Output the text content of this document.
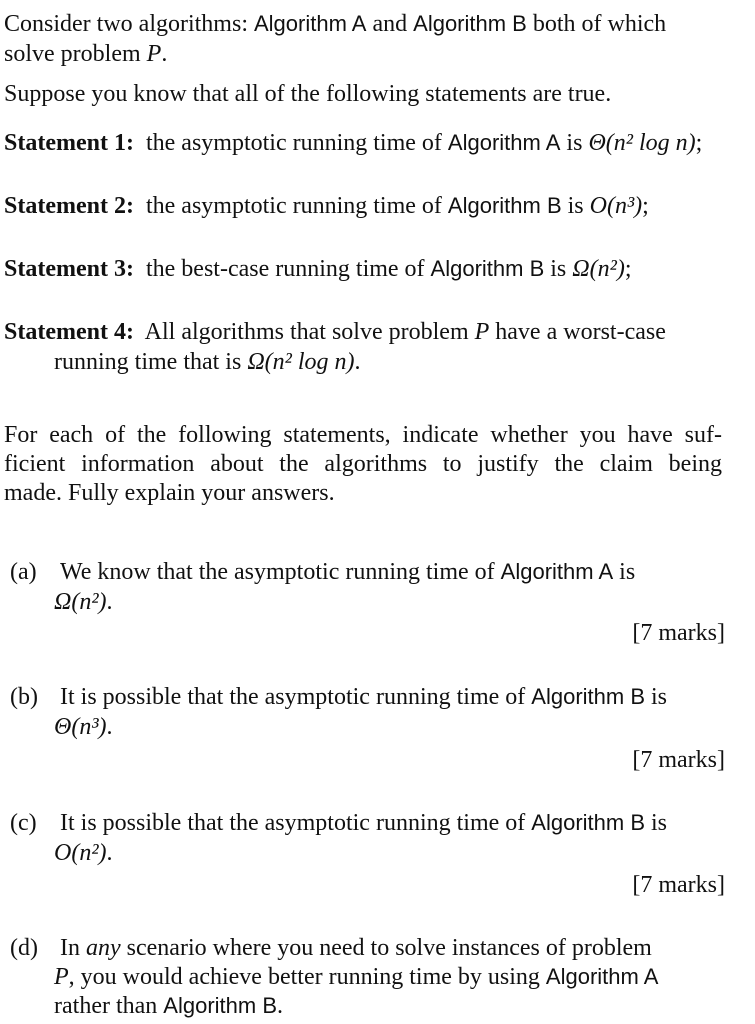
Consider two algorithms: Algorithm A and Algorithm B both of which
solve problem P.
Suppose you know that all of the following statements are true.
Statement 1: the asymptotic running time of Algorithm A is Θ(n² log n);
Statement 2: the asymptotic running time of Algorithm B is O(n³);
Statement 3: the best-case running time of Algorithm B is Ω(n²);
Statement 4: All algorithms that solve problem P have a worst-case
running time that is Ω(n² log n).
For each of the following statements, indicate whether you have suf-
ficient information about the algorithms to justify the claim being
made. Fully explain your answers.
(a) We know that the asymptotic running time of Algorithm A is
Ω(n²).
[7 marks]
(b) It is possible that the asymptotic running time of Algorithm B is
Θ(n³).
[7 marks]
(c) It is possible that the asymptotic running time of Algorithm B is
O(n²).
[7 marks]
(d) In any scenario where you need to solve instances of problem
P, you would achieve better running time by using Algorithm A
rather than Algorithm B.
